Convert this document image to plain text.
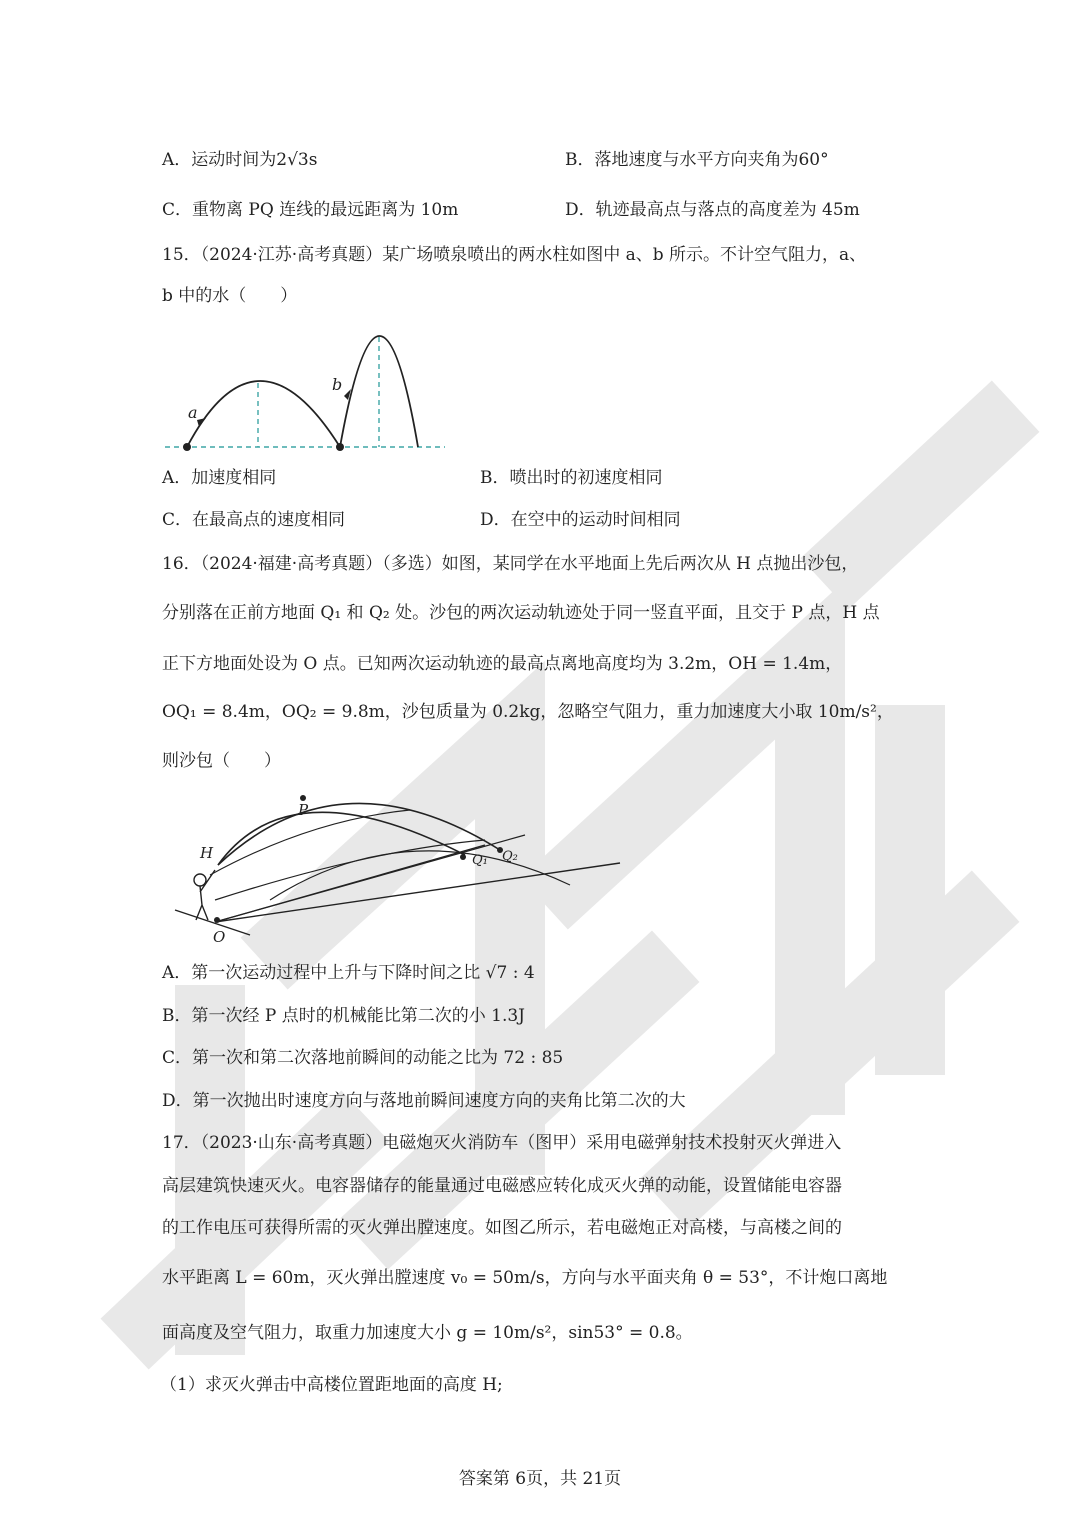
A．运动时间为2√3s	B．落地速度与水平方向夹角为60°
C．重物离 PQ 连线的最远距离为 10m	D．轨迹最高点与落点的高度差为 45m
15．（2024·江苏·高考真题）某广场喷泉喷出的两水柱如图中 a、b 所示。不计空气阻力，a、
b 中的水（　　）
a
b
A．加速度相同	B．喷出时的初速度相同
C．在最高点的速度相同	D．在空中的运动时间相同
16．（2024·福建·高考真题）（多选）如图，某同学在水平地面上先后两次从 H 点抛出沙包，
分别落在正前方地面 Q₁ 和 Q₂ 处。沙包的两次运动轨迹处于同一竖直平面，且交于 P 点，H 点
正下方地面处设为 O 点。已知两次运动轨迹的最高点离地高度均为 3.2m，OH = 1.4m，
OQ₁ = 8.4m，OQ₂ = 9.8m，沙包质量为 0.2kg，忽略空气阻力，重力加速度大小取 10m/s²，
则沙包（　　）
P
H
O
Q₁ Q₂
A．第一次运动过程中上升与下降时间之比 √7 : 4
B．第一次经 P 点时的机械能比第二次的小 1.3J
C．第一次和第二次落地前瞬间的动能之比为 72 : 85
D．第一次抛出时速度方向与落地前瞬间速度方向的夹角比第二次的大
17．（2023·山东·高考真题）电磁炮灭火消防车（图甲）采用电磁弹射技术投射灭火弹进入
高层建筑快速灭火。电容器储存的能量通过电磁感应转化成灭火弹的动能，设置储能电容器
的工作电压可获得所需的灭火弹出膛速度。如图乙所示，若电磁炮正对高楼，与高楼之间的
水平距离 L = 60m，灭火弹出膛速度 v₀ = 50m/s，方向与水平面夹角 θ = 53°，不计炮口离地
面高度及空气阻力，取重力加速度大小 g = 10m/s²，sin53° = 0.8。
（1）求灭火弹击中高楼位置距地面的高度 H;
答案第 6页，共 21页
